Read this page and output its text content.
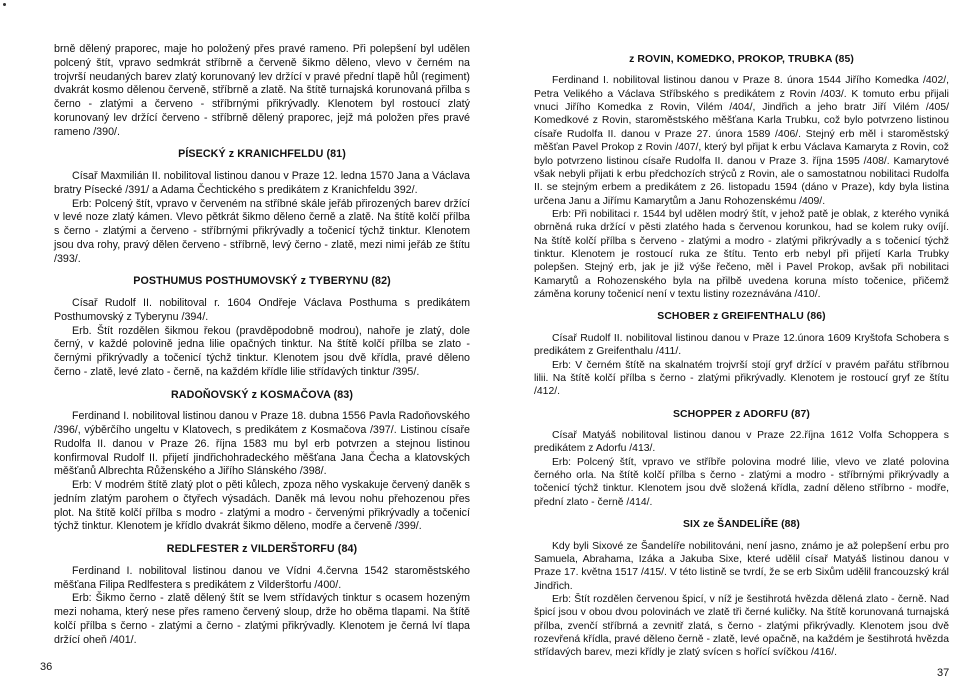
brně dělený praporec, maje ho položený přes pravé rameno. Při polepšení byl udělen polcený štít, vpravo sedmkrát stříbrně a červeně šikmo děleno, vlevo v černém na trojvrší neudaných barev zlatý korunovaný lev držící v pravé přední tlapě hůl (regiment) dvakrát kosmo dělenou červeně, stříbrně a zlatě. Na štítě turnajská korunovaná přilba s černo - zlatými a červeno - stříbrnými přikrývadly. Klenotem byl rostoucí zlatý korunovaný lev držící červeno - stříbrně dělený praporec, jejž má položen přes pravé rameno /390/.

PÍSECKÝ z KRANICHFELDU (81)

Císař Maxmilián II. nobilitoval listinou danou v Praze 12. ledna 1570 Jana a Václava bratry Písecké /391/ a Adama Čechtického s predikátem z Kranichfeldu 392/.

Erb: Polcený štít, vpravo v červeném na stříbné skále jeřáb přirozených barev držící v levé noze zlatý kámen. Vlevo pětkrát šikmo děleno černě a zlatě. Na štítě kolčí přílba s černo - zlatými a červeno - stříbrnými přikrývadly a točenicí týchž tinktur. Klenotem jsou dva rohy, pravý dělen červeno - stříbrně, levý černo - zlatě, mezi nimi jeřáb ze štítu /393/.

POSTHUMUS POSTHUMOVSKÝ z TYBERYNU (82)

Císař Rudolf II. nobilitoval r. 1604 Ondřeje Václava Posthuma s predikátem Posthumovský z Tyberynu /394/.

Erb. Štít rozdělen šikmou řekou (pravděpodobně modrou), nahoře je zlatý, dole černý, v každé polovině jedna lilie opačných tinktur. Na štítě kolčí přílba se zlato - černými přikrývadly a točenicí týchž tinktur. Klenotem jsou dvě křídla, pravé děleno černo - zlatě, levé zlato - černě, na každém křídle lilie střídavých tinktur /395/.

RADOŇOVSKÝ z KOSMAČOVA (83)

Ferdinand I. nobilitoval listinou danou v Praze 18. dubna 1556 Pavla Radoňovského /396/, výběrčího ungeltu v Klatovech, s predikátem z Kosmačova /397/. Listinou císaře Rudolfa II. danou v Praze 26. října 1583 mu byl erb potvrzen a stejnou listinou konfirmoval Rudolf II. přijetí jindřichohradeckého měšťana Jana Čecha a klatovských měšťanů Albrechta Růženského a Jiřího Slánského /398/.

Erb: V modrém štítě zlatý plot o pěti kůlech, zpoza něho vyskakuje červený daněk s jedním zlatým parohem o čtyřech výsadách. Daněk má levou nohu přehozenou přes plot. Na štítě kolčí přílba s modro - zlatými a modro - červenými přikrývadly a točenicí týchž tinktur. Klenotem je křídlo dvakrát šikmo děleno, modře a červeně /399/.

REDLFESTER z VILDERŠTORFU (84)

Ferdinand I. nobilitoval listinou danou ve Vídni 4.června 1542 staroměstského měšťana Filipa Redlfestera s predikátem z Vilderštorfu /400/.

Erb: Šikmo černo - zlatě dělený štít se lvem střídavých tinktur s ocasem hozeným mezi nohama, který nese přes rameno červený sloup, drže ho oběma tlapami. Na štítě kolčí přílba s černo - zlatými a černo - zlatými přikrývadly. Klenotem je černá lví tlapa držící oheň /401/.

36
z ROVIN, KOMEDKO, PROKOP, TRUBKA (85)

Ferdinand I. nobilitoval listinou danou v Praze 8. února 1544 Jiřího Komedka /402/, Petra Velikého a Václava Stříbského s predikátem z Rovin /403/. K tomuto erbu přijali vnuci Jiřího Komedka z Rovin, Vilém /404/, Jindřich a jeho bratr Jiří Vilém /405/ Komedkové z Rovin, staroměstského měšťana Karla Trubku, což bylo potvrzeno listinou císaře Rudolfa II. danou v Praze 27. února 1589 /406/. Stejný erb měl i staroměstský měšťan Pavel Prokop z Rovin /407/, který byl přijat k erbu Václava Kamaryta z Rovin, což bylo potvrzeno listinou císaře Rudolfa II. danou v Praze 3. října 1595 /408/. Kamarytové však nebyli přijati k erbu předchozích strýců z Rovin, ale o samostatnou nobilitaci Rudolfa II. se stejným erbem a predikátem z 26. listopadu 1594 (dáno v Praze), kdy byla listina určena Janu a Jiřímu Kamarytům a Janu Rohozenskému /409/.

Erb: Při nobilitaci r. 1544 byl udělen modrý štít, v jehož patě je oblak, z kterého vyniká obrněná ruka držící v pěsti zlatého hada s červenou korunkou, had se kolem ruky ovíjí. Na štítě kolčí přílba s červeno - zlatými a modro - zlatými přikrývadly a s točenicí týchž tinktur. Klenotem je rostoucí ruka ze štítu. Tento erb nebyl při přijetí Karla Trubky polepšen. Stejný erb, jak je již výše řečeno, měl i Pavel Prokop, avšak při nobilitaci Kamarytů a Rohozenského byla na přilbě uvedena koruna místo točenice, přičemž záměna koruny točenicí není v textu listiny rozeznávána /410/.

SCHOBER z GREIFENTHALU (86)

Císař Rudolf II. nobilitoval listinou danou v Praze 12.února 1609 Kryštofa Schobera s predikátem z Greifenthalu /411/.

Erb: V černém štítě na skalnatém trojvrší stojí gryf držící v pravém pařátu stříbrnou lilii. Na štítě kolčí přílba s černo - zlatými přikrývadly. Klenotem je rostoucí gryf ze štítu /412/.

SCHOPPER z ADORFU (87)

Císař Matyáš nobilitoval listinou danou v Praze 22.října 1612 Volfa Schoppera s predikátem z Adorfu /413/.

Erb: Polcený štít, vpravo ve stříbře polovina modré lilie, vlevo ve zlaté polovina černého orla. Na štítě kolčí přílba s černo - zlatými a modro - stříbrnými přikrývadly a točenicí týchž tinktur. Klenotem jsou dvě složená křídla, zadní děleno stříbrno - modře, přední zlato - černě /414/.

SIX ze ŠANDELÍŘE (88)

Kdy byli Sixové ze Šandelíře nobilitováni, není jasno, známo je až polepšení erbu pro Samuela, Abrahama, Izáka a Jakuba Sixe, které udělil císař Matyáš listinou danou v Praze 17. května 1517 /415/. V této listině se tvrdí, že se erb Sixům udělil francouzský král Jindřich.

Erb: Štít rozdělen červenou špicí, v níž je šestihrotá hvězda dělená zlato - černě. Nad špicí jsou v obou dvou polovinách ve zlatě tři černé kuličky. Na štítě korunovaná turnajská přílba, zvenčí stříbrná a zevnitř zlatá, s černo - zlatými přikrývadly. Klenotem jsou dvě rozevřená křídla, pravé děleno černě - zlatě, levé opačně, na každém je šestihrotá hvězda střídavých barev, mezi křídly je zlatý svícen s hořící svíčkou /416/.

37
